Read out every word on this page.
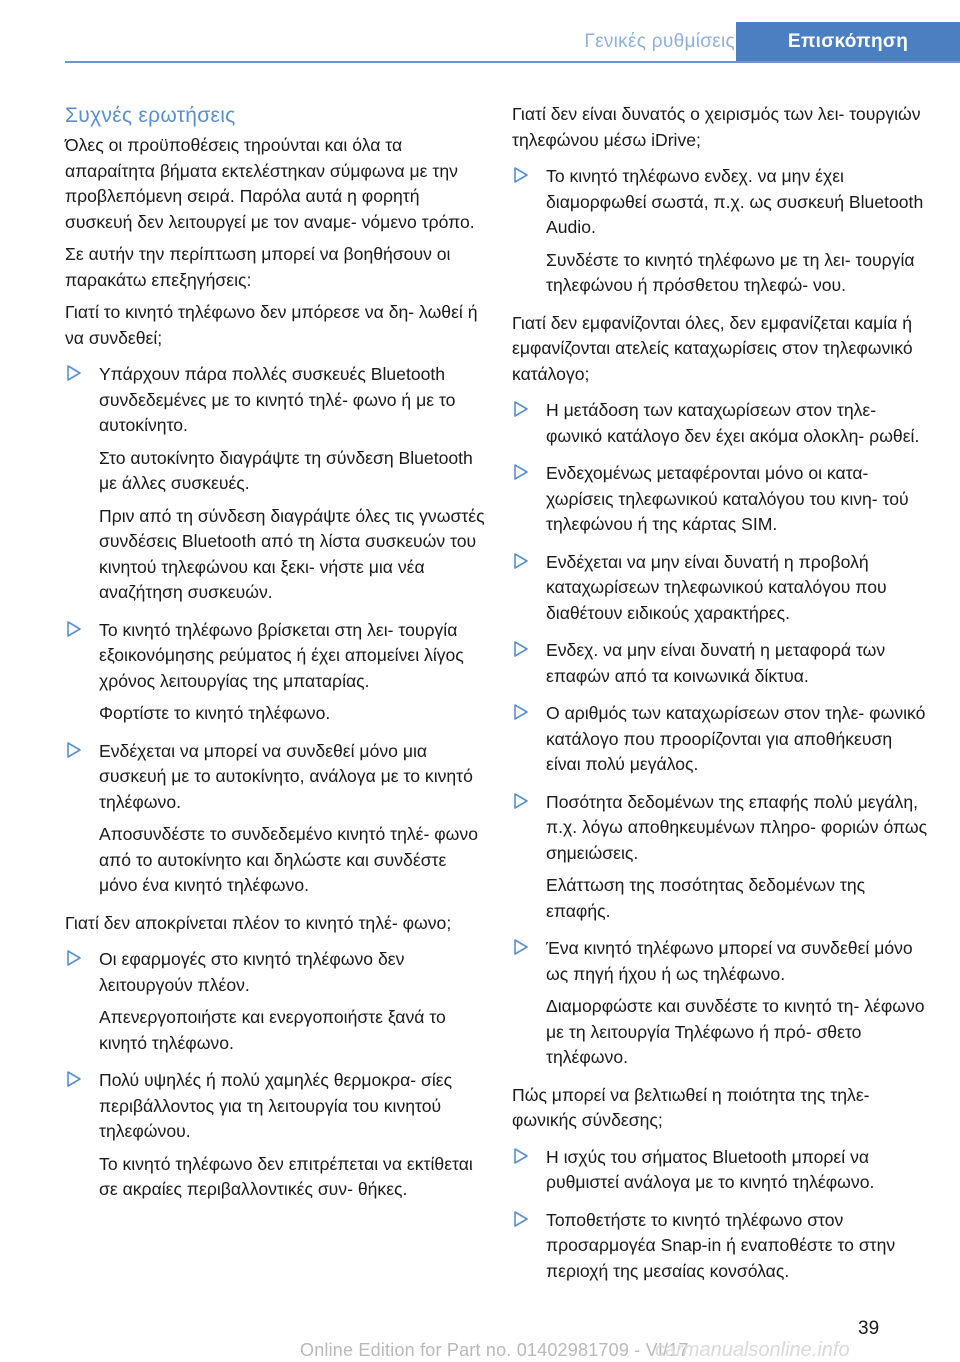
Γενικές ρυθμίσεις	Επισκόπηση
Συχνές ερωτήσεις

Όλες οι προϋποθέσεις τηρούνται και όλα τα απαραίτητα βήματα εκτελέστηκαν σύμφωνα με την προβλεπόμενη σειρά. Παρόλα αυτά η φορητή συσκευή δεν λειτουργεί με τον αναμε- νόμενο τρόπο.

Σε αυτήν την περίπτωση μπορεί να βοηθήσουν οι παρακάτω επεξηγήσεις:

Γιατί το κινητό τηλέφωνο δεν μπόρεσε να δη- λωθεί ή να συνδεθεί;

Υπάρχουν πάρα πολλές συσκευές Bluetooth συνδεδεμένες με το κινητό τηλέ- φωνο ή με το αυτοκίνητο.
Στο αυτοκίνητο διαγράψτε τη σύνδεση Bluetooth με άλλες συσκευές.
Πριν από τη σύνδεση διαγράψτε όλες τις γνωστές συνδέσεις Bluetooth από τη λίστα συσκευών του κινητού τηλεφώνου και ξεκι- νήστε μια νέα αναζήτηση συσκευών.
Το κινητό τηλέφωνο βρίσκεται στη λει- τουργία εξοικονόμησης ρεύματος ή έχει απομείνει λίγος χρόνος λειτουργίας της μπαταρίας.
Φορτίστε το κινητό τηλέφωνο.
Ενδέχεται να μπορεί να συνδεθεί μόνο μια συσκευή με το αυτοκίνητο, ανάλογα με το κινητό τηλέφωνο.
Αποσυνδέστε το συνδεδεμένο κινητό τηλέ- φωνο από το αυτοκίνητο και δηλώστε και συνδέστε μόνο ένα κινητό τηλέφωνο.

Γιατί δεν αποκρίνεται πλέον το κινητό τηλέ- φωνο;

Οι εφαρμογές στο κινητό τηλέφωνο δεν λειτουργούν πλέον.
Απενεργοποιήστε και ενεργοποιήστε ξανά το κινητό τηλέφωνο.
Πολύ υψηλές ή πολύ χαμηλές θερμοκρα- σίες περιβάλλοντος για τη λειτουργία του κινητού τηλεφώνου.
Το κινητό τηλέφωνο δεν επιτρέπεται να εκτίθεται σε ακραίες περιβαλλοντικές συν- θήκες.

Γιατί δεν είναι δυνατός ο χειρισμός των λει- τουργιών τηλεφώνου μέσω iDrive;

Το κινητό τηλέφωνο ενδεχ. να μην έχει διαμορφωθεί σωστά, π.χ. ως συσκευή Bluetooth Audio.
Συνδέστε το κινητό τηλέφωνο με τη λει- τουργία τηλεφώνου ή πρόσθετου τηλεφώ- νου.

Γιατί δεν εμφανίζονται όλες, δεν εμφανίζεται καμία ή εμφανίζονται ατελείς καταχωρίσεις στον τηλεφωνικό κατάλογο;

Η μετάδοση των καταχωρίσεων στον τηλε- φωνικό κατάλογο δεν έχει ακόμα ολοκλη- ρωθεί.
Ενδεχομένως μεταφέρονται μόνο οι κατα- χωρίσεις τηλεφωνικού καταλόγου του κινη- τού τηλεφώνου ή της κάρτας SIM.
Ενδέχεται να μην είναι δυνατή η προβολή καταχωρίσεων τηλεφωνικού καταλόγου που διαθέτουν ειδικούς χαρακτήρες.
Ενδεχ. να μην είναι δυνατή η μεταφορά των επαφών από τα κοινωνικά δίκτυα.
Ο αριθμός των καταχωρίσεων στον τηλε- φωνικό κατάλογο που προορίζονται για αποθήκευση είναι πολύ μεγάλος.
Ποσότητα δεδομένων της επαφής πολύ μεγάλη, π.χ. λόγω αποθηκευμένων πληρο- φοριών όπως σημειώσεις.
Ελάττωση της ποσότητας δεδομένων της επαφής.
Ένα κινητό τηλέφωνο μπορεί να συνδεθεί μόνο ως πηγή ήχου ή ως τηλέφωνο.
Διαμορφώστε και συνδέστε το κινητό τη- λέφωνο με τη λειτουργία Τηλέφωνο ή πρό- σθετο τηλέφωνο.

Πώς μπορεί να βελτιωθεί η ποιότητα της τηλε- φωνικής σύνδεσης;

Η ισχύς του σήματος Bluetooth μπορεί να ρυθμιστεί ανάλογα με το κινητό τηλέφωνο.
Τοποθετήστε το κινητό τηλέφωνο στον προσαρμογέα Snap-in ή εναποθέστε το στην περιοχή της μεσαίας κονσόλας.
39
Online Edition for Part no. 01402981709 - VI/17
carmanualsonline.info
